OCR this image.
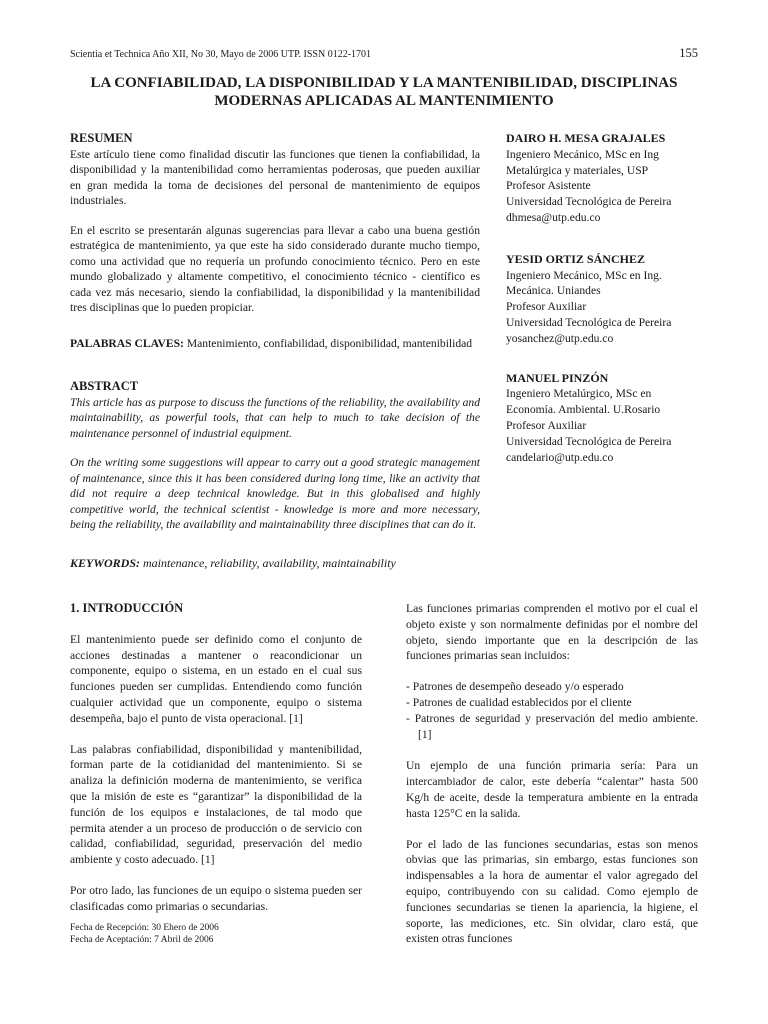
Scientia et Technica Año XII, No 30, Mayo de 2006 UTP. ISSN 0122-1701	155
LA CONFIABILIDAD, LA DISPONIBILIDAD Y LA MANTENIBILIDAD, DISCIPLINAS
MODERNAS APLICADAS AL MANTENIMIENTO

RESUMEN

Este artículo tiene como finalidad discutir las funciones que tienen la confiabilidad, la disponibilidad y la mantenibilidad como herramientas poderosas, que pueden auxiliar en gran medida la toma de decisiones del personal de mantenimiento de equipos industriales.

En el escrito se presentarán algunas sugerencias para llevar a cabo una buena gestión estratégica de mantenimiento, ya que este ha sido considerado durante mucho tiempo, como una actividad que no requería un profundo conocimiento técnico. Pero en este mundo globalizado y altamente competitivo, el conocimiento técnico - científico es cada vez más necesario, siendo la confiabilidad, la disponibilidad y la mantenibilidad tres disciplinas que lo pueden propiciar.

PALABRAS CLAVES: Mantenimiento, confiabilidad, disponibilidad, mantenibilidad

ABSTRACT

This article has as purpose to discuss the functions of the reliability, the availability and maintainability, as powerful tools, that can help to much to take decision of the maintenance personnel of industrial equipment.

On the writing some suggestions will appear to carry out a good strategic management of maintenance, since this it has been considered during long time, like an activity that did not require a deep technical knowledge. But in this globalised and highly competitive world, the technical scientist - knowledge is more and more necessary, being the reliability, the availability and maintainability three disciplines that can do it.

DAIRO H. MESA GRAJALES
Ingeniero Mecánico, MSc en Ing
Metalúrgica y materiales, USP
Profesor Asistente
Universidad Tecnológica de Pereira
dhmesa@utp.edu.co
YESID ORTIZ SÁNCHEZ
Ingeniero Mecánico, MSc en Ing.
Mecánica. Uniandes
Profesor Auxiliar
Universidad Tecnológica de Pereira
yosanchez@utp.edu.co
MANUEL PINZÓN
Ingeniero Metalúrgico, MSc en
Economía. Ambiental. U.Rosario
Profesor Auxiliar
Universidad Tecnológica de Pereira
candelario@utp.edu.co

KEYWORDS: maintenance, reliability, availability, maintainability

1. INTRODUCCIÓN

El mantenimiento puede ser definido como el conjunto de acciones destinadas a mantener o reacondicionar un componente, equipo o sistema, en un estado en el cual sus funciones pueden ser cumplidas. Entendiendo como función cualquier actividad que un componente, equipo o sistema desempeña, bajo el punto de vista operacional. [1]

Las palabras confiabilidad, disponibilidad y mantenibilidad, forman parte de la cotidianidad del mantenimiento. Si se analiza la definición moderna de mantenimiento, se verifica que la misión de este es “garantizar” la disponibilidad de la función de los equipos e instalaciones, de tal modo que permita atender a un proceso de producción o de servicio con calidad, confiabilidad, seguridad, preservación del medio ambiente y costo adecuado. [1]

Por otro lado, las funciones de un equipo o sistema pueden ser clasificadas como primarias o secundarias.

Las funciones primarias comprenden el motivo por el cual el objeto existe y son normalmente definidas por el nombre del objeto, siendo importante que en la descripción de las funciones primarias sean incluidos:

- Patrones de desempeño deseado y/o esperado
- Patrones de cualidad establecidos por el cliente
- Patrones de seguridad y preservación del medio ambiente. [1]

Un ejemplo de una función primaria sería: Para un intercambiador de calor, este debería “calentar” hasta 500 Kg/h de aceite, desde la temperatura ambiente en la entrada hasta 125°C en la salida.

Por el lado de las funciones secundarias, estas son menos obvias que las primarias, sin embargo, estas funciones son indispensables a la hora de aumentar el valor agregado del equipo, contribuyendo con su calidad. Como ejemplo de funciones secundarias se tienen la apariencia, la higiene, el soporte, las mediciones, etc. Sin olvidar, claro está, que existen otras funciones

Fecha de Recepción: 30 Ehero de 2006
Fecha de Aceptación: 7 Abril de 2006
